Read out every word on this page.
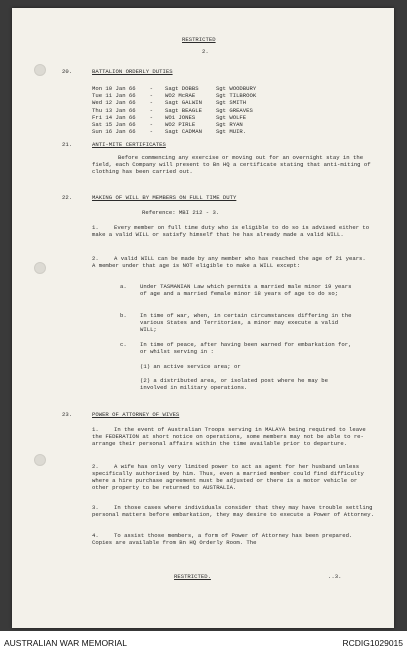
RESTRICTED
2.
20.	BATTALION ORDERLY DUTIES
Mon 10 Jan 66	-	Sagt DOBBS	Sgt WOODBURY
Tue 11 Jan 66	-	WO2 McRAE	Sgt TILBROOK
Wed 12 Jan 66	-	Sagt GALWIN	Sgt SMITH
Thu 13 Jan 66	-	Sagt BEAGLE	Sgt GREAVES
Fri 14 Jan 66	-	WO1 JONES	Sgt WOLFE
Sat 15 Jan 66	-	WO2 PIRLE	Sgt RYAN
Sun 16 Jan 66	-	Sagt CADMAN	Sgt MUIR.
21.	ANTI-MITE CERTIFICATES
Before commencing any exercise or moving out for an overnight stay in the field, each Company will present to Bn HQ a certificate stating that anti-miting of clothing has been carried out.
22.	MAKING OF WILL BY MEMBERS ON FULL TIME DUTY
Reference: MBI 212 - 3.
1.	Every member on full time duty who is eligible to do so is advised either to make a valid WILL or satisfy himself that he has already made a valid WILL.
2.	A valid WILL can be made by any member who has reached the age of 21 years. A member under that age is NOT eligible to make a WILL except:
a. Under TASMANIAN Law which permits a married male minor 19 years of age and a married female minor 18 years of age to do so;
b. In time of war, when, in certain circumstances differing in the various States and Territories, a minor may execute a valid WILL;
c. In time of peace, after having been warned for embarkation for, or whilst serving in :
(1) an active service area; or
(2) a distributed area, or isolated post where he may be involved in military operations.
23.	POWER OF ATTORNEY OF WIVES
1.	In the event of Australian Troops serving in MALAYA being required to leave the FEDERATION at short notice on operations, some members may not be able to re-arrange their personal affairs within the time available prior to departure.
2.	A wife has only very limited power to act as agent for her husband unless specifically authorised by him. Thus, even a married member could find difficulty where a hire purchase agreement must be adjusted or there is a motor vehicle or other property to be returned to AUSTRALIA.
3.	In those cases where individuals consider that they may have trouble settling personal matters before embarkation, they may desire to execute a Power of Attorney.
4.	To assist those members, a form of Power of Attorney has been prepared. Copies are available from Bn HQ Orderly Room. The
RESTRICTED.	..3.
AUSTRALIAN WAR MEMORIAL	RCDIG1029015
